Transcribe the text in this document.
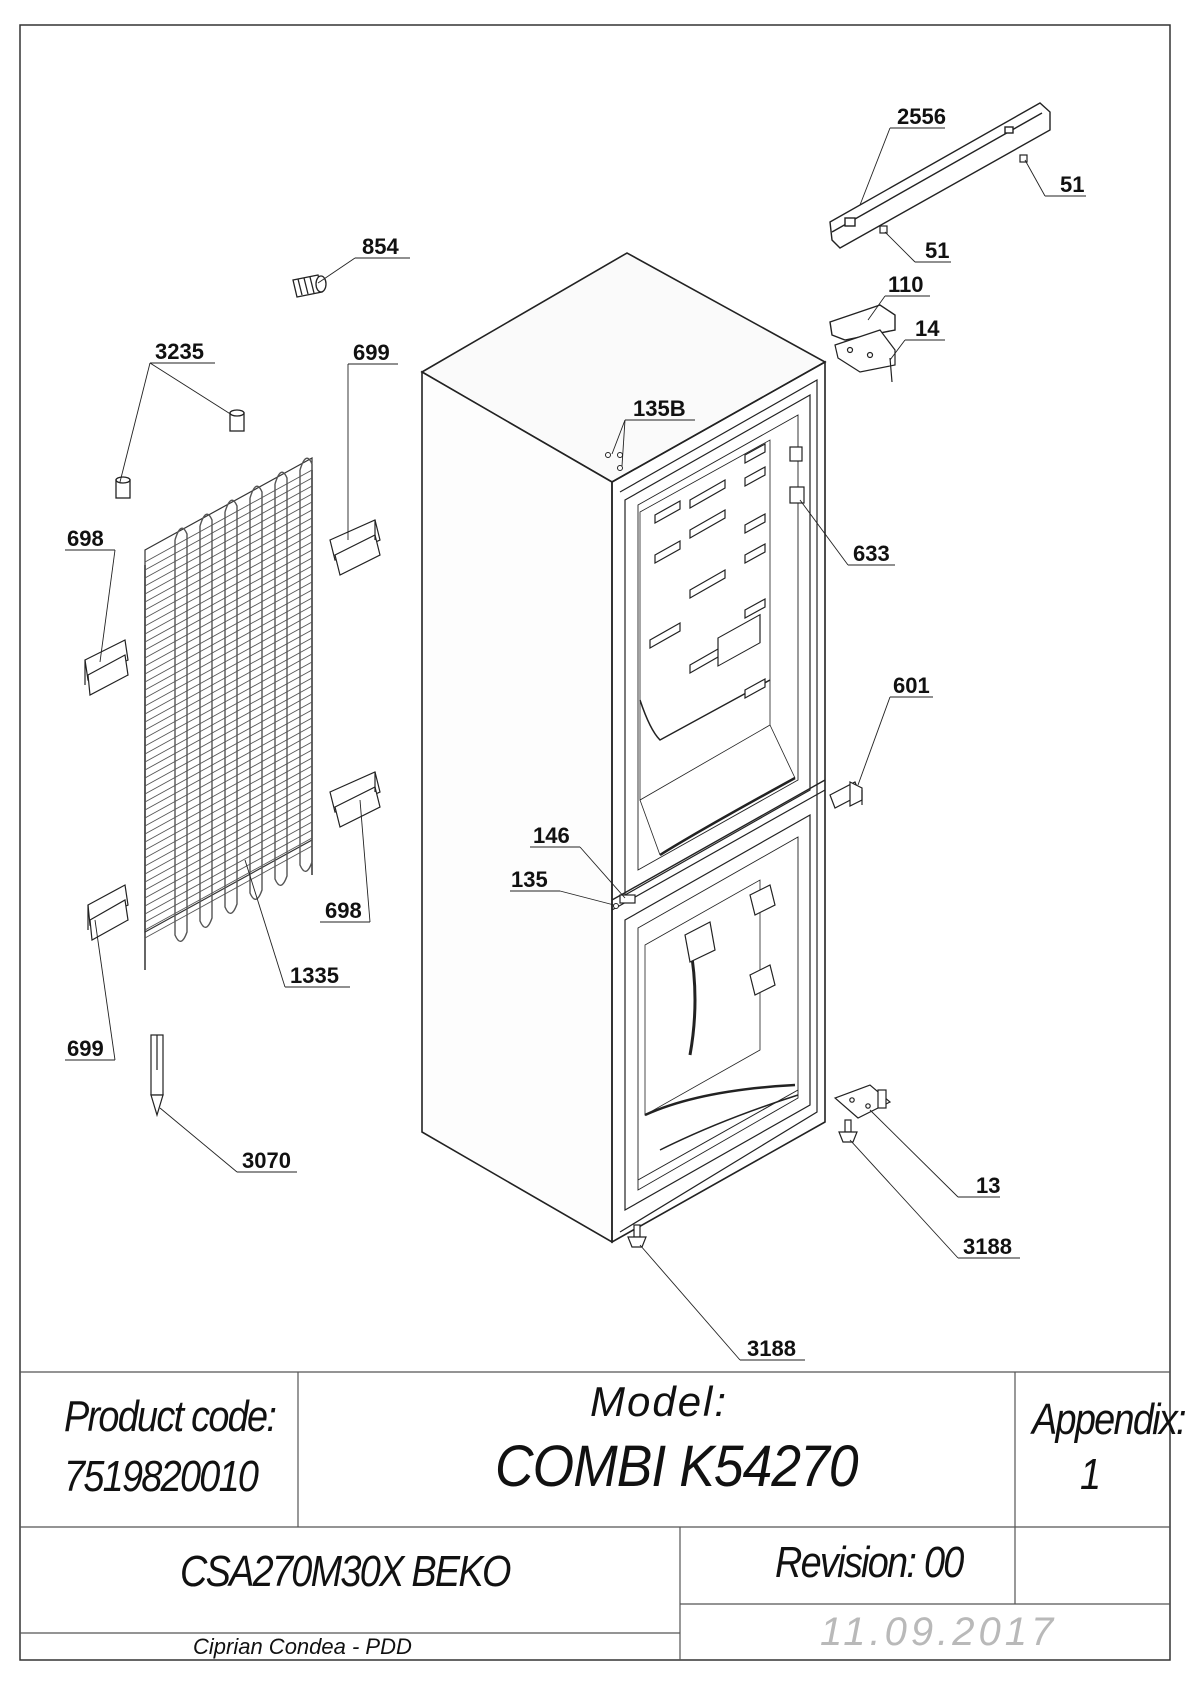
2556
51
51
854
110
14
3235	699
135B
698
633
601
146
135
698
1335
699
3070
13
3188
3188
Product code:
7519820010
Model:
COMBI K54270
Appendix:
1
CSA270M30X BEKO	Revision: 00
Ciprian Condea - PDD	11.09.2017
